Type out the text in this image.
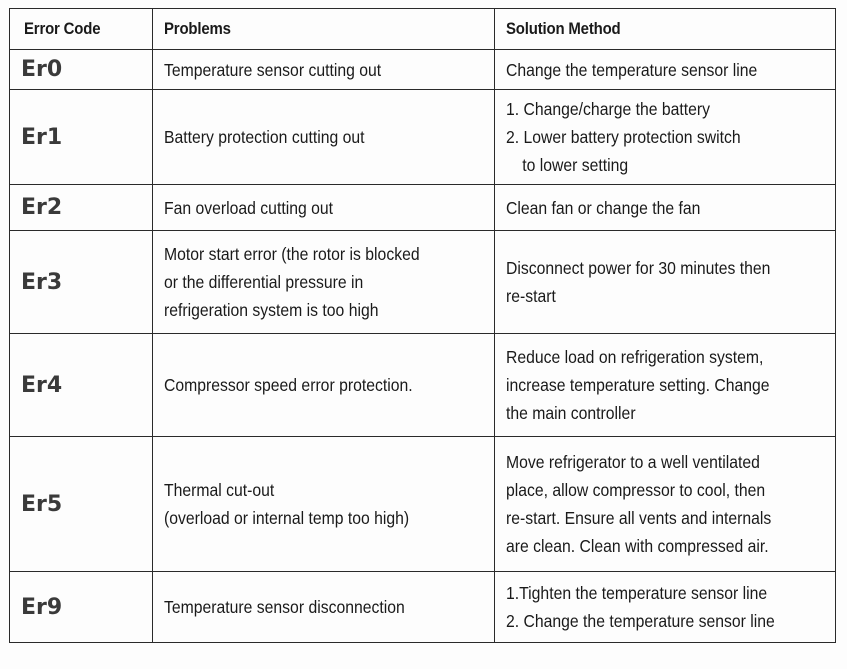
Error Code	Problems	Solution Method
Er0	Temperature sensor cutting out	Change the temperature sensor line

Er1	Battery protection cutting out	1. Change/charge the battery
2. Lower battery protection switch
to lower setting

Er2	Fan overload cutting out	Clean fan or change the fan

Er3	Motor start error (the rotor is blocked
or the differential pressure in
refrigeration system is too high	Disconnect power for 30 minutes then
re-start

Er4	Compressor speed error protection.	Reduce load on refrigeration system,
increase temperature setting. Change
the main controller

Er5	Thermal cut-out
(overload or internal temp too high)	Move refrigerator to a well ventilated
place, allow compressor to cool, then
re-start. Ensure all vents and internals
are clean. Clean with compressed air.

Er9	Temperature sensor disconnection	1.Tighten the temperature sensor line
2. Change the temperature sensor line
